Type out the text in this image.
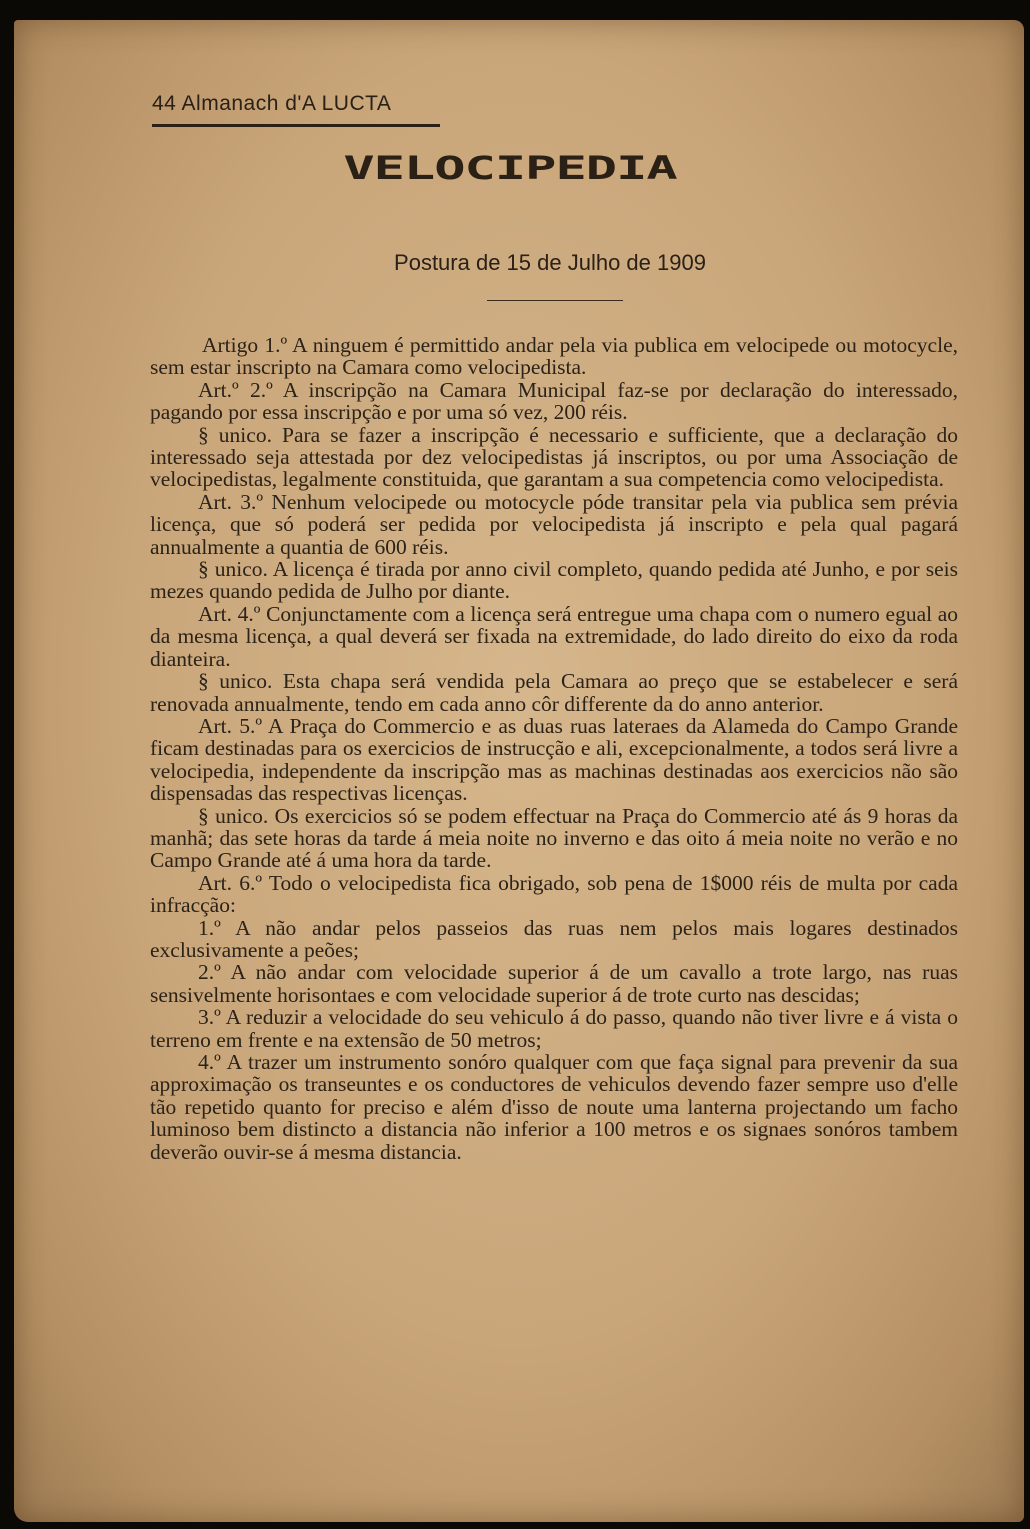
44 Almanach d'A LUCTA
VELOCIPEDIA
Postura de 15 de Julho de 1909

Artigo 1.º A ninguem é permittido andar pela via publica em velocipede ou motocycle, sem estar inscripto na Camara como velocipedista.

Art.º 2.º A inscripção na Camara Municipal faz-se por declaração do interessado, pagando por essa inscripção e por uma só vez, 200 réis.

§ unico. Para se fazer a inscripção é necessario e sufficiente, que a declaração do interessado seja attestada por dez velocipedistas já inscriptos, ou por uma Associação de velocipedistas, legalmente constituida, que garantam a sua competencia como velocipedista.

Art. 3.º Nenhum velocipede ou motocycle póde transitar pela via publica sem prévia licença, que só poderá ser pedida por velocipedista já inscripto e pela qual pagará annualmente a quantia de 600 réis.

§ unico. A licença é tirada por anno civil completo, quando pedida até Junho, e por seis mezes quando pedida de Julho por diante.

Art. 4.º Conjunctamente com a licença será entregue uma chapa com o numero egual ao da mesma licença, a qual deverá ser fixada na extremidade, do lado direito do eixo da roda dianteira.

§ unico. Esta chapa será vendida pela Camara ao preço que se estabelecer e será renovada annualmente, tendo em cada anno côr differente da do anno anterior.

Art. 5.º A Praça do Commercio e as duas ruas lateraes da Alameda do Campo Grande ficam destinadas para os exercicios de instrucção e ali, excepcionalmente, a todos será livre a velocipedia, independente da inscripção mas as machinas destinadas aos exercicios não são dispensadas das respectivas licenças.

§ unico. Os exercicios só se podem effectuar na Praça do Commercio até ás 9 horas da manhã; das sete horas da tarde á meia noite no inverno e das oito á meia noite no verão e no Campo Grande até á uma hora da tarde.

Art. 6.º Todo o velocipedista fica obrigado, sob pena de 1$000 réis de multa por cada infracção:

1.º A não andar pelos passeios das ruas nem pelos mais logares destinados exclusivamente a peões;

2.º A não andar com velocidade superior á de um cavallo a trote largo, nas ruas sensivelmente horisontaes e com velocidade superior á de trote curto nas descidas;

3.º A reduzir a velocidade do seu vehiculo á do passo, quando não tiver livre e á vista o terreno em frente e na extensão de 50 metros;

4.º A trazer um instrumento sonóro qualquer com que faça signal para prevenir da sua approximação os transeuntes e os conductores de vehiculos devendo fazer sempre uso d'elle tão repetido quanto for preciso e além d'isso de noute uma lanterna projectando um facho luminoso bem distincto a distancia não inferior a 100 metros e os signaes sonóros tambem deverão ouvir-se á mesma distancia.
